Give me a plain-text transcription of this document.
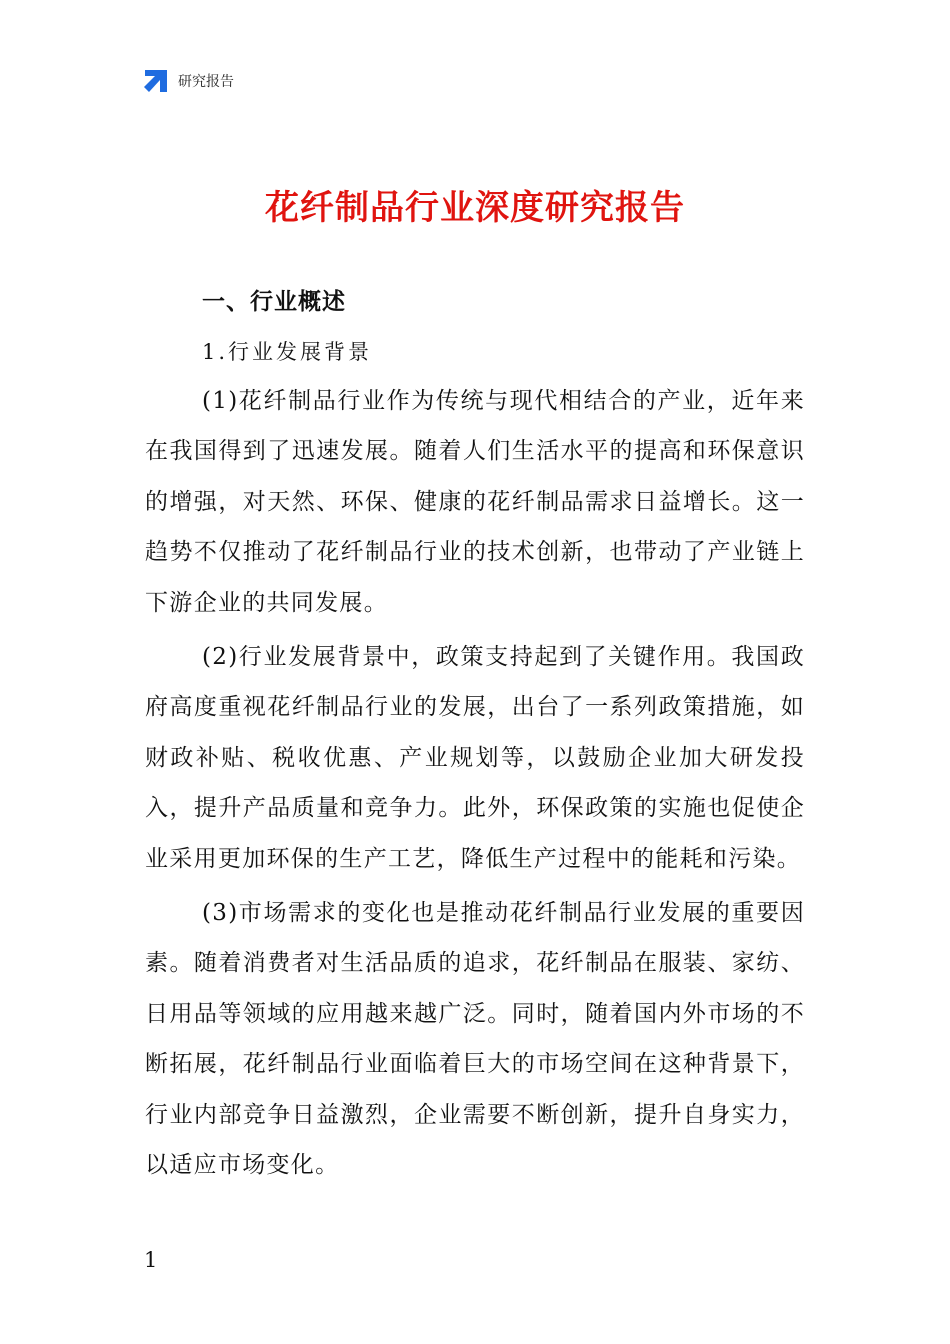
研究报告
花纤制品行业深度研究报告
一、行业概述
1.行业发展背景

(1)花纤制品行业作为传统与现代相结合的产业，近年来在我国得到了迅速发展。随着人们生活水平的提高和环保意识的增强，对天然、环保、健康的花纤制品需求日益增长。这一趋势不仅推动了花纤制品行业的技术创新，也带动了产业链上下游企业的共同发展。

(2)行业发展背景中，政策支持起到了关键作用。我国政府高度重视花纤制品行业的发展，出台了一系列政策措施，如财政补贴、税收优惠、产业规划等，以鼓励企业加大研发投入，提升产品质量和竞争力。此外，环保政策的实施也促使企业采用更加环保的生产工艺，降低生产过程中的能耗和污染。

(3)市场需求的变化也是推动花纤制品行业发展的重要因素。随着消费者对生活品质的追求，花纤制品在服装、家纺、日用品等领域的应用越来越广泛。同时，随着国内外市场的不断拓展，花纤制品行业面临着巨大的市场空间在这种背景下，行业内部竞争日益激烈，企业需要不断创新，提升自身实力，以适应市场变化。

1
